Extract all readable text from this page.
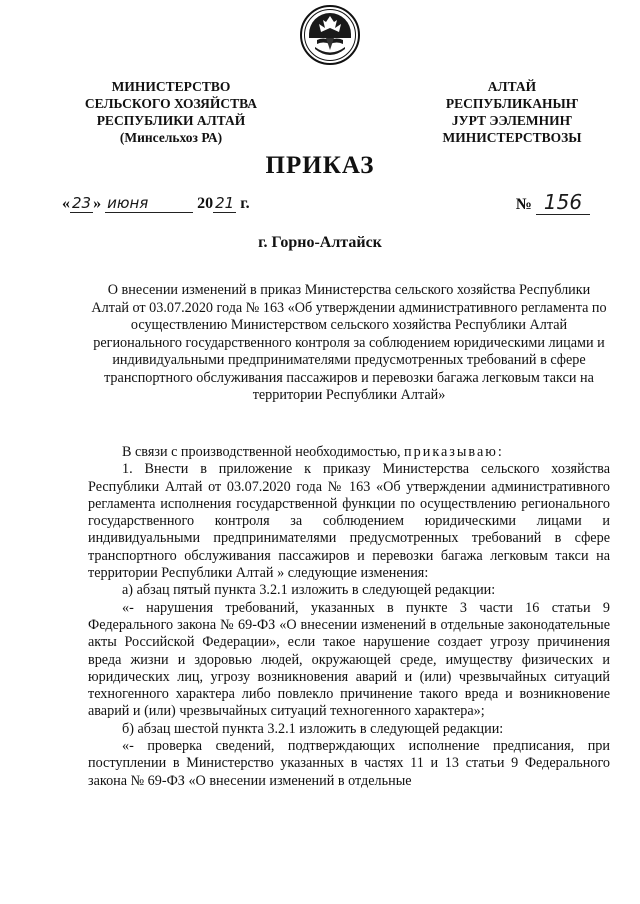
МИНИСТЕРСТВО
СЕЛЬСКОГО ХОЗЯЙСТВА
РЕСПУБЛИКИ АЛТАЙ
(Минсельхоз РА)
АЛТАЙ
РЕСПУБЛИКАНЫҤ
ЈУРТ ЭЭЛЕМНИҤ
МИНИСТЕРСТВОЗЫ
ПРИКАЗ
« 23 » июня	20 21 г.	№ 156
г. Горно-Алтайск
О внесении изменений в приказ Министерства сельского хозяйства Республики Алтай от 03.07.2020 года № 163 «Об утверждении административного регламента по осуществлению Министерством сельского хозяйства Республики Алтай регионального государственного контроля за соблюдением юридическими лицами и индивидуальными предпринимателями предусмотренных требований в сфере транспортного обслуживания пассажиров и перевозки багажа легковым такси на территории Республики Алтай»

В связи с производственной необходимостью, приказываю:

1. Внести в приложение к приказу Министерства сельского хозяйства Республики Алтай от 03.07.2020 года № 163 «Об утверждении административного регламента исполнения государственной функции по осуществлению регионального государственного контроля за соблюдением юридическими лицами и индивидуальными предпринимателями предусмотренных требований в сфере транспортного обслуживания пассажиров и перевозки багажа легковым такси на территории Республики Алтай » следующие изменения:

а) абзац пятый пункта 3.2.1 изложить в следующей редакции:

«- нарушения требований, указанных в пункте 3 части 16 статьи 9 Федерального закона № 69-ФЗ «О внесении изменений в отдельные законодательные акты Российской Федерации», если такое нарушение создает угрозу причинения вреда жизни и здоровью людей, окружающей среде, имуществу физических и юридических лиц, угрозу возникновения аварий и (или) чрезвычайных ситуаций техногенного характера либо повлекло причинение такого вреда и возникновение аварий и (или) чрезвычайных ситуаций техногенного характера»;

б) абзац шестой пункта 3.2.1 изложить в следующей редакции:

«- проверка сведений, подтверждающих исполнение предписания, при поступлении в Министерство указанных в частях 11 и 13 статьи 9 Федерального закона № 69-ФЗ «О внесении изменений в отдельные
